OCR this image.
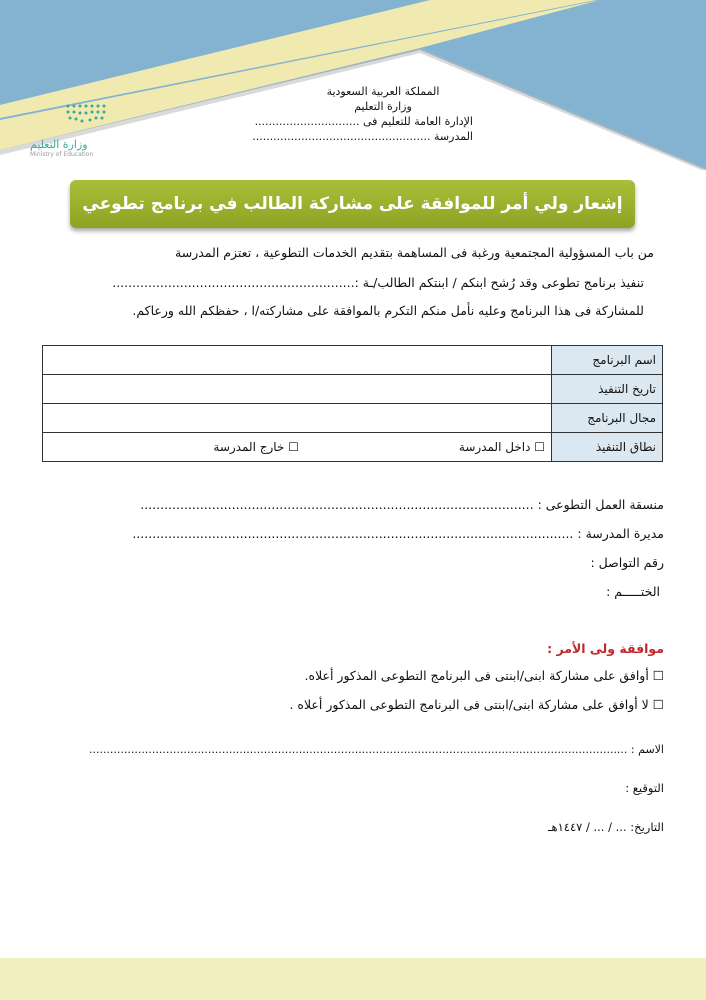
المملكة العربية السعودية
وزارة التعليم
الإدارة العامة للتعليم فى ..............................
المدرسة ...................................................
وزارة التعليم
Ministry of Education
إشعار ولي أمر للموافقة على مشاركة الطالب في برنامج تطوعي
من باب المسؤولية المجتمعية ورغبة فى المساهمة بتقديم الخدمات التطوعية ، تعتزم المدرسة
تنفيذ برنامج تطوعى وقد رُشح ابنكم / ابنتكم الطالب/ـة :.............................................................
للمشاركة فى هذا البرنامج وعليه نأمل منكم التكرم بالموافقة على مشاركته/ا ، حفظكم الله ورعاكم.
اسم البرنامج	
تاريخ التنفيذ	
مجال البرنامج	
نطاق التنفيذ	☐ داخل المدرسة☐ خارج المدرسة
منسقة العمل التطوعى : ...................................................................................................
مديرة المدرسة : ...............................................................................................................
رقم التواصل :
الختـــــم :
موافقة ولى الأمر :
☐ أوافق على مشاركة ابنى/ابنتى فى البرنامج التطوعى المذكور أعلاه.
☐ لا أوافق على مشاركة ابنى/ابنتى فى البرنامج التطوعى المذكور أعلاه .
الاسم : ..........................................................................................................................................................
التوقيع :
التاريخ: ... / ... / ١٤٤٧هـ
